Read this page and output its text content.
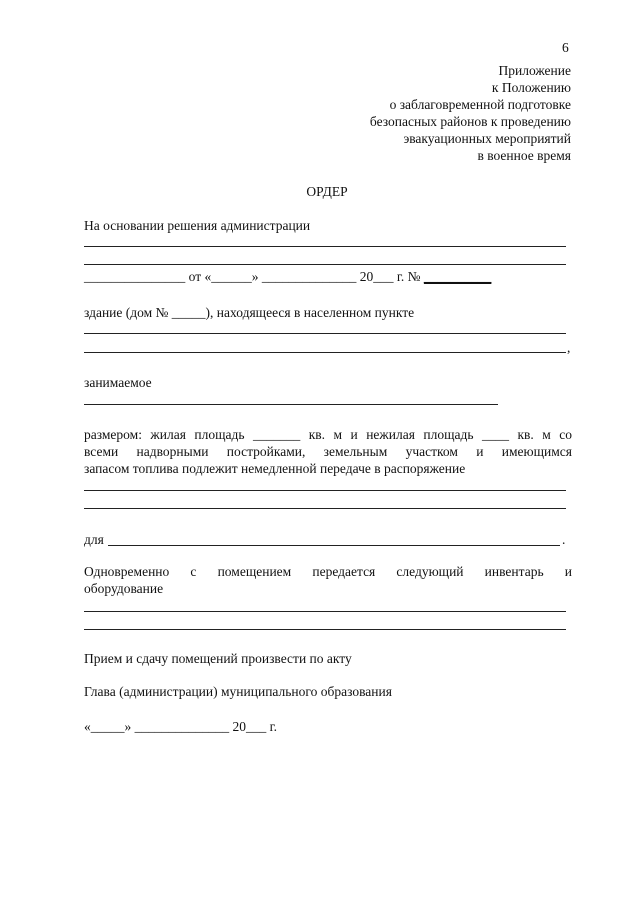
6
Приложение
к Положению
о заблаговременной подготовке
безопасных районов к проведению
эвакуационных мероприятий
в военное время
ОРДЕР
На основании решения администрации
_______________ от «______» ______________ 20___ г. № __________
здание (дом № _____), находящееся в населенном пункте
,
занимаемое
размером: жилая площадь _______ кв. м и нежилая площадь ____ кв. м со
всеми надворными постройками, земельным участком и имеющимся
запасом топлива подлежит немедленной передаче в распоряжение
для	.
Одновременно с помещением передается следующий инвентарь и
оборудование
Прием и сдачу помещений произвести по акту
Глава (администрации) муниципального образования
«_____» ______________ 20___ г.
